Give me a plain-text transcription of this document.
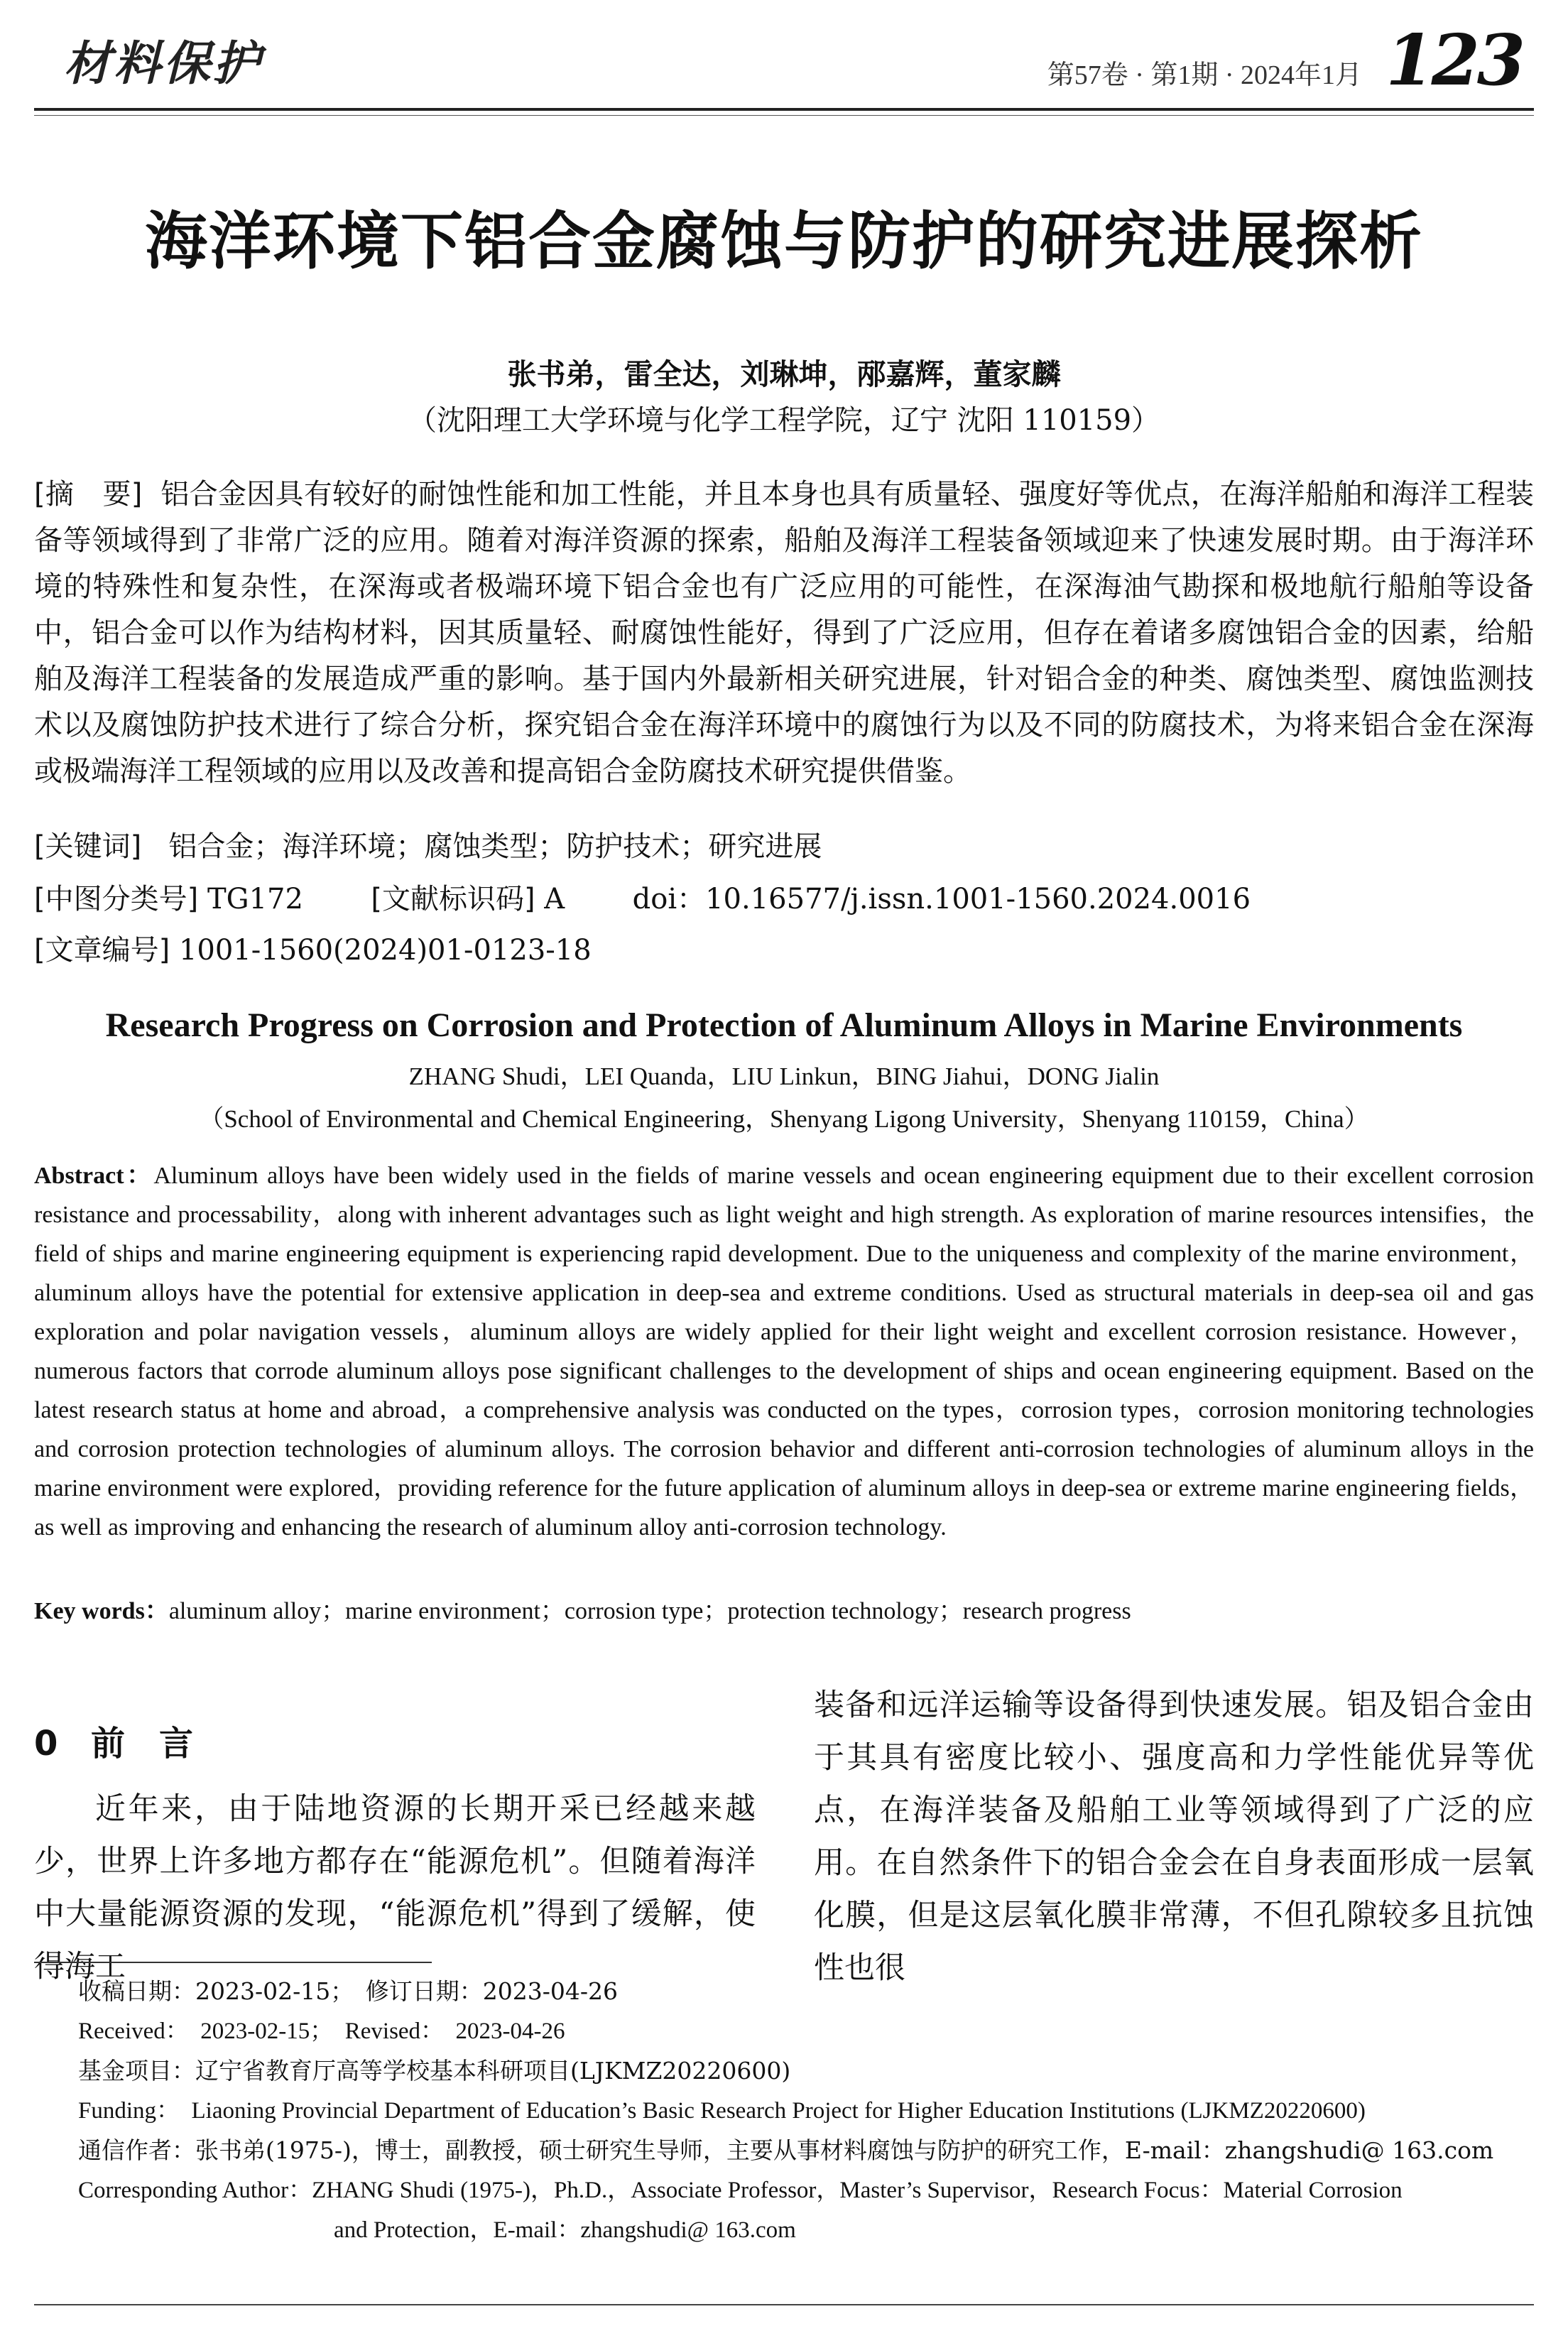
材料保护	第57卷 · 第1期 · 2024年1月 123
海洋环境下铝合金腐蚀与防护的研究进展探析
张书弟，雷全达，刘琳坤，邴嘉辉，董家麟
（沈阳理工大学环境与化学工程学院，辽宁 沈阳 110159）
[摘　要] 铝合金因具有较好的耐蚀性能和加工性能，并且本身也具有质量轻、强度好等优点，在海洋船舶和海洋工程装备等领域得到了非常广泛的应用。随着对海洋资源的探索，船舶及海洋工程装备领域迎来了快速发展时期。由于海洋环境的特殊性和复杂性，在深海或者极端环境下铝合金也有广泛应用的可能性，在深海油气勘探和极地航行船舶等设备中，铝合金可以作为结构材料，因其质量轻、耐腐蚀性能好，得到了广泛应用，但存在着诸多腐蚀铝合金的因素，给船舶及海洋工程装备的发展造成严重的影响。基于国内外最新相关研究进展，针对铝合金的种类、腐蚀类型、腐蚀监测技术以及腐蚀防护技术进行了综合分析，探究铝合金在海洋环境中的腐蚀行为以及不同的防腐技术，为将来铝合金在深海或极端海洋工程领域的应用以及改善和提高铝合金防腐技术研究提供借鉴。
[关键词] 铝合金；海洋环境；腐蚀类型；防护技术；研究进展
[中图分类号] TG172 [文献标识码] A doi：10.16577/j.issn.1001-1560.2024.0016
[文章编号] 1001-1560(2024)01-0123-18
Research Progress on Corrosion and Protection of Aluminum Alloys in Marine Environments
ZHANG Shudi，LEI Quanda，LIU Linkun，BING Jiahui，DONG Jialin
（School of Environmental and Chemical Engineering，Shenyang Ligong University，Shenyang 110159，China）
Abstract：Aluminum alloys have been widely used in the fields of marine vessels and ocean engineering equipment due to their excellent corrosion resistance and processability，along with inherent advantages such as light weight and high strength. As exploration of marine resources intensifies，the field of ships and marine engineering equipment is experiencing rapid development. Due to the uniqueness and complexity of the marine environment，aluminum alloys have the potential for extensive application in deep-sea and extreme conditions. Used as structural materials in deep-sea oil and gas exploration and polar navigation vessels，aluminum alloys are widely applied for their light weight and excellent corrosion resistance. However，numerous factors that corrode aluminum alloys pose significant challenges to the development of ships and ocean engineering equipment. Based on the latest research status at home and abroad，a comprehensive analysis was conducted on the types，corrosion types，corrosion monitoring technologies and corrosion protection technologies of aluminum alloys. The corrosion behavior and different anti-corrosion technologies of aluminum alloys in the marine environment were explored，providing reference for the future application of aluminum alloys in deep-sea or extreme marine engineering fields，as well as improving and enhancing the research of aluminum alloy anti-corrosion technology.
Key words：aluminum alloy；marine environment；corrosion type；protection technology；research progress
0 前　言
近年来，由于陆地资源的长期开采已经越来越少，世界上许多地方都存在“能源危机”。但随着海洋中大量能源资源的发现，“能源危机”得到了缓解，使得海工
装备和远洋运输等设备得到快速发展。铝及铝合金由于其具有密度比较小、强度高和力学性能优异等优点，在海洋装备及船舶工业等领域得到了广泛的应用。在自然条件下的铝合金会在自身表面形成一层氧化膜，但是这层氧化膜非常薄，不但孔隙较多且抗蚀性也很
收稿日期：2023-02-15；　修订日期：2023-04-26
Received：　2023-02-15；　Revised：　2023-04-26
基金项目：辽宁省教育厅高等学校基本科研项目(LJKMZ20220600)
Funding：　Liaoning Provincial Department of Education’s Basic Research Project for Higher Education Institutions (LJKMZ20220600)
通信作者：张书弟(1975-)，博士，副教授，硕士研究生导师，主要从事材料腐蚀与防护的研究工作，E-mail：zhangshudi@ 163.com
Corresponding Author：ZHANG Shudi (1975-)，Ph.D.，Associate Professor，Master’s Supervisor，Research Focus：Material Corrosion
and Protection，E-mail：zhangshudi@ 163.com
